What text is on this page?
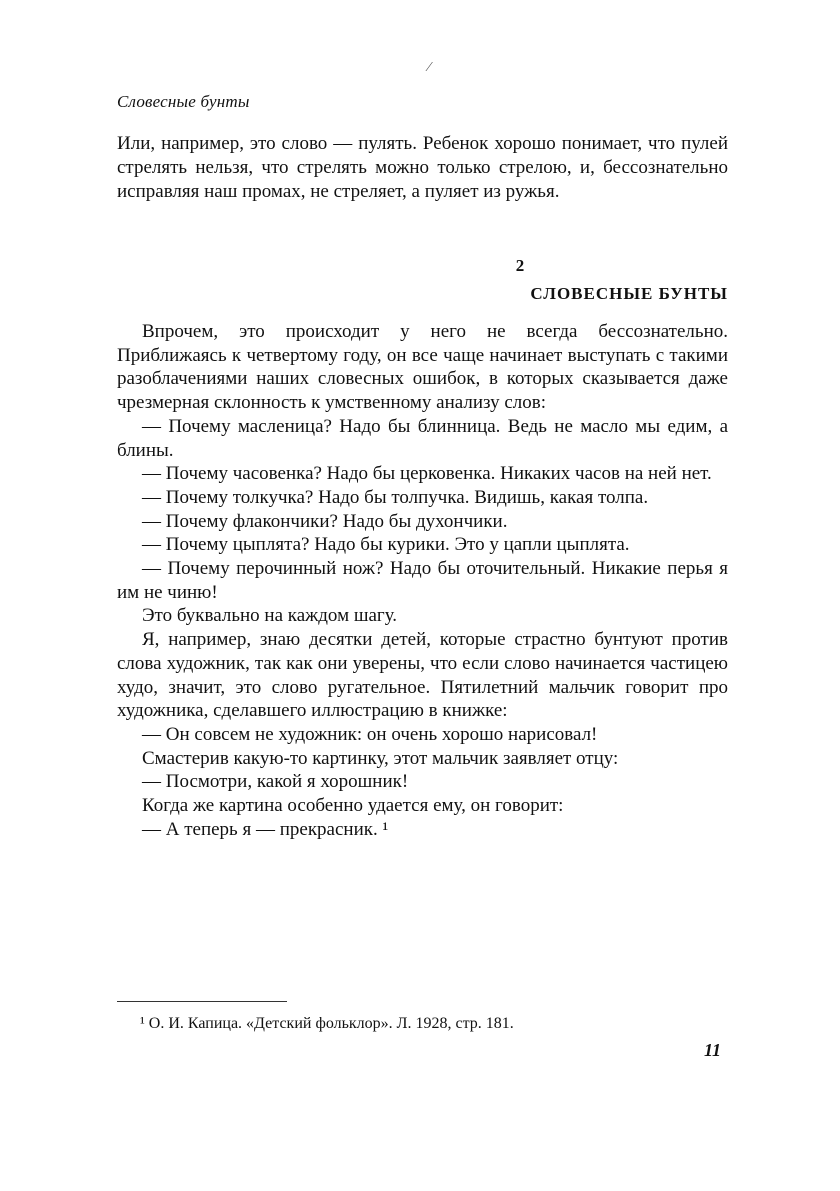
Словесные бунты
Или, например, это слово — пулять. Ребенок хорошо понимает, что пулей стрелять нельзя, что стрелять можно только стрелою, и, бессознательно исправляя наш промах, не стреляет, а пуляет из ружья.
2
СЛОВЕСНЫЕ БУНТЫ

Впрочем, это происходит у него не всегда бессознательно. Приближаясь к четвертому году, он все чаще начинает выступать с такими разоблачениями наших словесных ошибок, в которых сказывается даже чрезмерная склонность к умственному анализу слов:

— Почему масленица? Надо бы блинница. Ведь не масло мы едим, а блины.

— Почему часовенка? Надо бы церковенка. Никаких часов на ней нет.

— Почему толкучка? Надо бы толпучка. Видишь, какая толпа.

— Почему флакончики? Надо бы духончики.

— Почему цыплята? Надо бы курики. Это у цапли цыплята.

— Почему перочинный нож? Надо бы оточительный. Никакие перья я им не чиню!

Это буквально на каждом шагу.

Я, например, знаю десятки детей, которые страстно бунтуют против слова художник, так как они уверены, что если слово начинается частицею худо, значит, это слово ругательное. Пятилетний мальчик говорит про художника, сделавшего иллюстрацию в книжке:

— Он совсем не художник: он очень хорошо нарисовал!

Смастерив какую-то картинку, этот мальчик заявляет отцу:

— Посмотри, какой я хорошник!

Когда же картина особенно удается ему, он говорит:

— А теперь я — прекрасник. ¹

¹ О. И. Капица. «Детский фольклор». Л. 1928, стр. 181.
11
⁄
